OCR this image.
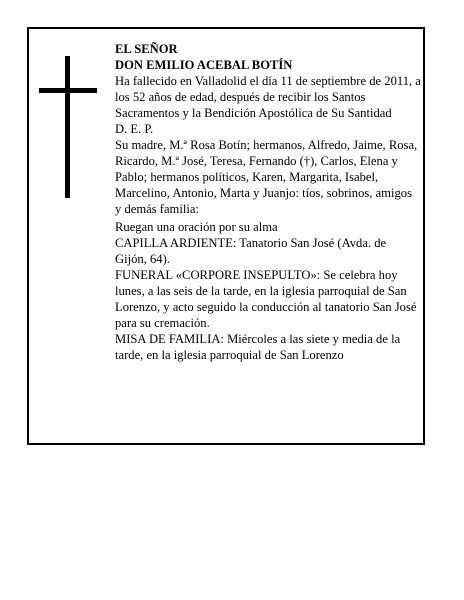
EL SEÑOR

DON EMILIO ACEBAL BOTÍN

Ha fallecido en Valladolid el día 11 de septiembre de 2011, a los 52 años de edad, después de recibir los Santos Sacramentos y la Bendición Apostólica de Su Santidad

D. E. P.

Su madre, M.ª Rosa Botín; hermanos, Alfredo, Jaime, Rosa, Ricardo, M.ª José, Teresa, Fernando (†), Carlos, Elena y Pablo; hermanos políticos, Karen, Margarita, Isabel, Marcelino, Antonio, Marta y Juanjo: tíos, sobrinos, amigos y demás familia:

Ruegan una oración por su alma

CAPILLA ARDIENTE: Tanatorio San José (Avda. de Gijón, 64).

FUNERAL «CORPORE INSEPULTO»: Se celebra hoy lunes, a las seis de la tarde, en la iglesia parroquial de San Lorenzo, y acto seguido la conducción al tanatorio San José para su cremación.

MISA DE FAMILIA: Miércoles a las siete y media de la tarde, en la iglesia parroquial de San Lorenzo
